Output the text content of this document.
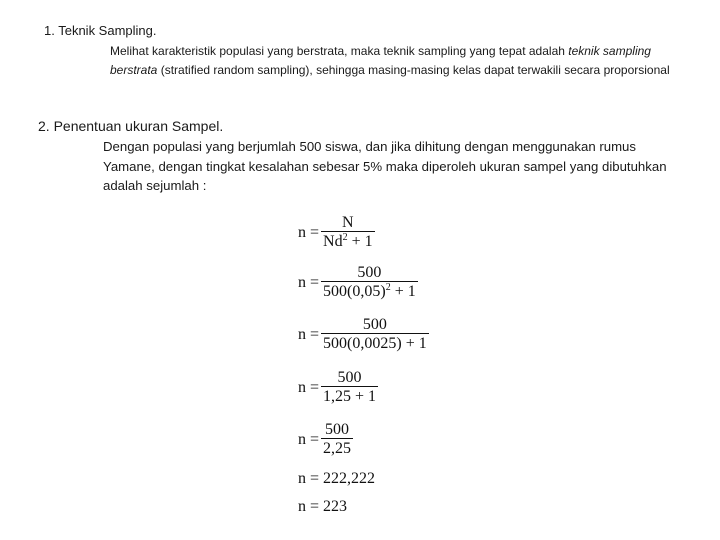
1. Teknik Sampling.
Melihat karakteristik populasi yang berstrata, maka teknik sampling yang tepat adalah teknik sampling berstrata (stratified random sampling), sehingga masing-masing kelas dapat terwakili secara proporsional
2. Penentuan ukuran Sampel.
Dengan populasi yang berjumlah 500 siswa, dan jika dihitung dengan menggunakan rumus Yamane, dengan tingkat kesalahan sebesar 5% maka diperoleh ukuran sampel yang dibutuhkan adalah sejumlah :
$n = \frac{N}{Nd^2 + 1}$
$n = \frac{500}{500(0,05)^2 + 1}$
$n = \frac{500}{500(0,0025) + 1}$
$n = \frac{500}{1,25 + 1}$
$n = \frac{500}{2,25}$
n = 222,222
n = 223
